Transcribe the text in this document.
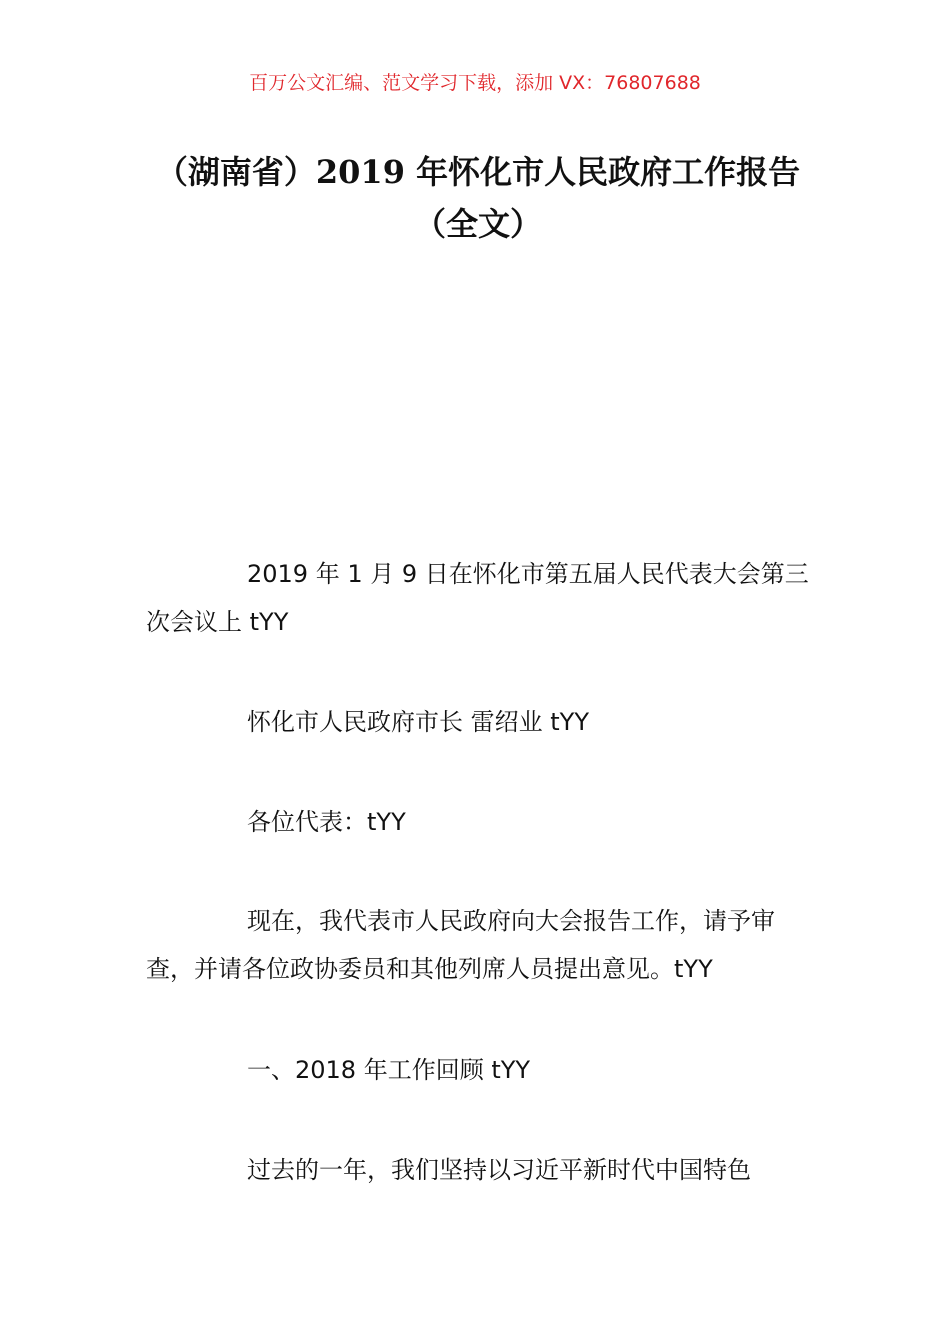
百万公文汇编、范文学习下载，添加 VX：76807688
（湖南省）2019 年怀化市人民政府工作报告（全文）

2019 年 1 月 9 日在怀化市第五届人民代表大会第三次会议上 tYY

怀化市人民政府市长 雷绍业 tYY

各位代表：tYY

现在，我代表市人民政府向大会报告工作，请予审查，并请各位政协委员和其他列席人员提出意见。tYY

一、2018 年工作回顾 tYY

过去的一年，我们坚持以习近平新时代中国特色
